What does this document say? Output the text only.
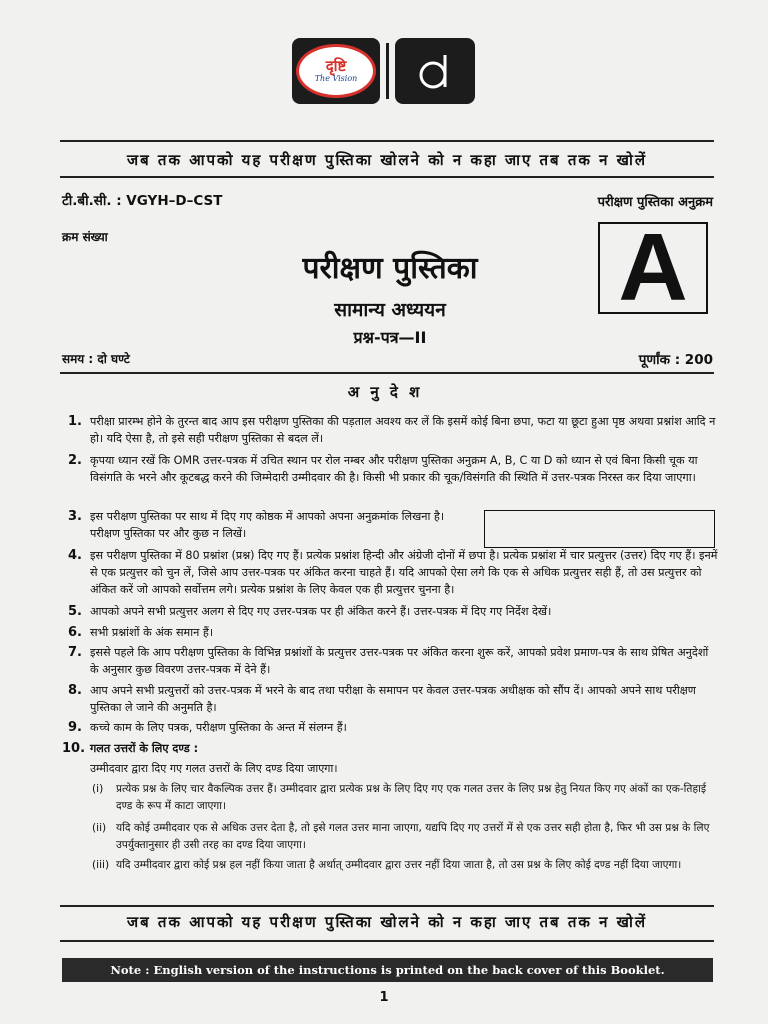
दृष्टि
The Vision
जब तक आपको यह परीक्षण पुस्तिका खोलने को न कहा जाए तब तक न खोलें
टी.बी.सी. : VGYH–D–CST	परीक्षण पुस्तिका अनुक्रम
क्रम संख्या	A
परीक्षण पुस्तिका
सामान्य अध्ययन
प्रश्न-पत्र—II
समय : दो घण्टे	पूर्णांक : 200
अ नु दे श
1. परीक्षा प्रारम्भ होने के तुरन्त बाद आप इस परीक्षण पुस्तिका की पड़ताल अवश्य कर लें कि इसमें कोई बिना छपा, फटा या छूटा हुआ पृष्ठ अथवा प्रश्नांश आदि न हो। यदि ऐसा है, तो इसे सही परीक्षण पुस्तिका से बदल लें।
2. कृपया ध्यान रखें कि OMR उत्तर-पत्रक में उचित स्थान पर रोल नम्बर और परीक्षण पुस्तिका अनुक्रम A, B, C या D को ध्यान से एवं बिना किसी चूक या विसंगति के भरने और कूटबद्ध करने की जिम्मेदारी उम्मीदवार की है। किसी भी प्रकार की चूक/विसंगति की स्थिति में उत्तर-पत्रक निरस्त कर दिया जाएगा।
3. इस परीक्षण पुस्तिका पर साथ में दिए गए कोष्ठक में आपको अपना अनुक्रमांक लिखना है। परीक्षण पुस्तिका पर और कुछ न लिखें।
4. इस परीक्षण पुस्तिका में 80 प्रश्नांश (प्रश्न) दिए गए हैं। प्रत्येक प्रश्नांश हिन्दी और अंग्रेजी दोनों में छपा है। प्रत्येक प्रश्नांश में चार प्रत्युत्तर (उत्तर) दिए गए हैं। इनमें से एक प्रत्युत्तर को चुन लें, जिसे आप उत्तर-पत्रक पर अंकित करना चाहते हैं। यदि आपको ऐसा लगे कि एक से अधिक प्रत्युत्तर सही हैं, तो उस प्रत्युत्तर को अंकित करें जो आपको सर्वोत्तम लगे। प्रत्येक प्रश्नांश के लिए केवल एक ही प्रत्युत्तर चुनना है।
5. आपको अपने सभी प्रत्युत्तर अलग से दिए गए उत्तर-पत्रक पर ही अंकित करने हैं। उत्तर-पत्रक में दिए गए निर्देश देखें।
6. सभी प्रश्नांशों के अंक समान हैं।
7. इससे पहले कि आप परीक्षण पुस्तिका के विभिन्न प्रश्नांशों के प्रत्युत्तर उत्तर-पत्रक पर अंकित करना शुरू करें, आपको प्रवेश प्रमाण-पत्र के साथ प्रेषित अनुदेशों के अनुसार कुछ विवरण उत्तर-पत्रक में देने हैं।
8. आप अपने सभी प्रत्युत्तरों को उत्तर-पत्रक में भरने के बाद तथा परीक्षा के समापन पर केवल उत्तर-पत्रक अधीक्षक को सौंप दें। आपको अपने साथ परीक्षण पुस्तिका ले जाने की अनुमति है।
9. कच्चे काम के लिए पत्रक, परीक्षण पुस्तिका के अन्त में संलग्न हैं।
10. गलत उत्तरों के लिए दण्ड :
उम्मीदवार द्वारा दिए गए गलत उत्तरों के लिए दण्ड दिया जाएगा।
(i) प्रत्येक प्रश्न के लिए चार वैकल्पिक उत्तर हैं। उम्मीदवार द्वारा प्रत्येक प्रश्न के लिए दिए गए एक गलत उत्तर के लिए प्रश्न हेतु नियत किए गए अंकों का एक-तिहाई दण्ड के रूप में काटा जाएगा।
(ii) यदि कोई उम्मीदवार एक से अधिक उत्तर देता है, तो इसे गलत उत्तर माना जाएगा, यद्यपि दिए गए उत्तरों में से एक उत्तर सही होता है, फिर भी उस प्रश्न के लिए उपर्युक्तानुसार ही उसी तरह का दण्ड दिया जाएगा।
(iii) यदि उम्मीदवार द्वारा कोई प्रश्न हल नहीं किया जाता है अर्थात् उम्मीदवार द्वारा उत्तर नहीं दिया जाता है, तो उस प्रश्न के लिए कोई दण्ड नहीं दिया जाएगा।
जब तक आपको यह परीक्षण पुस्तिका खोलने को न कहा जाए तब तक न खोलें
Note : English version of the instructions is printed on the back cover of this Booklet.
1
